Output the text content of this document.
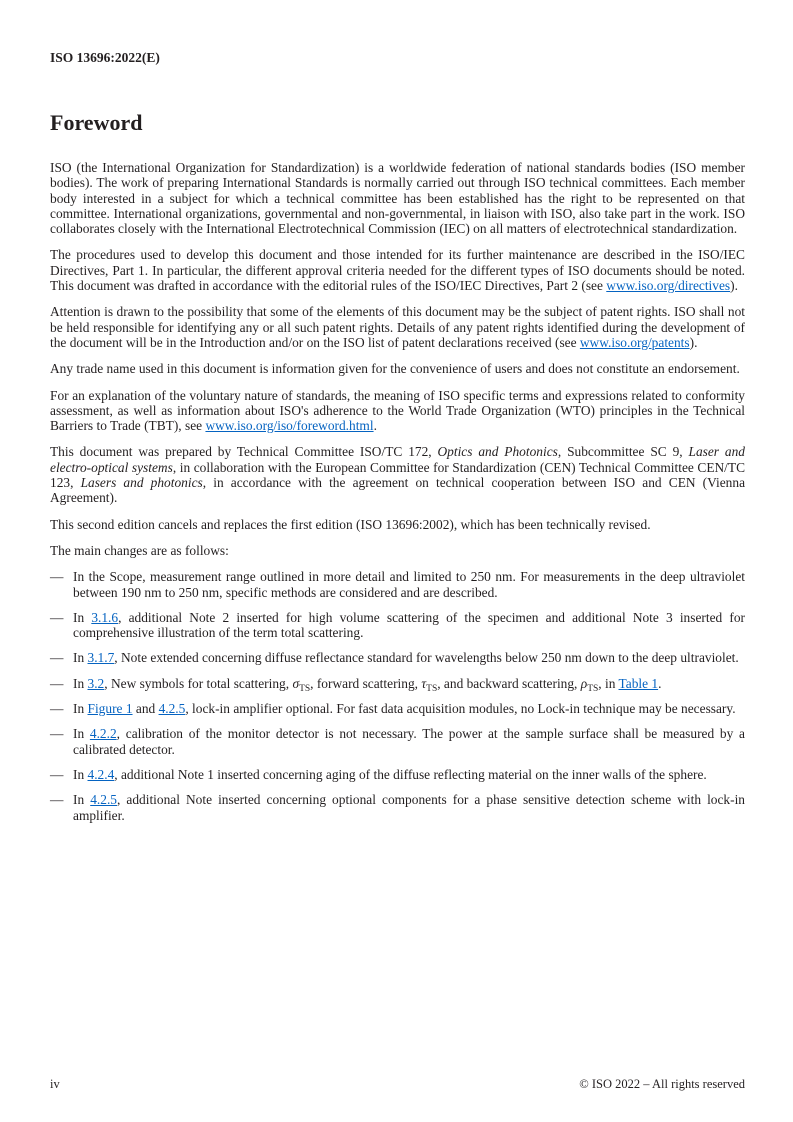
ISO 13696:2022(E)
Foreword

ISO (the International Organization for Standardization) is a worldwide federation of national standards bodies (ISO member bodies). The work of preparing International Standards is normally carried out through ISO technical committees. Each member body interested in a subject for which a technical committee has been established has the right to be represented on that committee. International organizations, governmental and non-governmental, in liaison with ISO, also take part in the work. ISO collaborates closely with the International Electrotechnical Commission (IEC) on all matters of electrotechnical standardization.

The procedures used to develop this document and those intended for its further maintenance are described in the ISO/IEC Directives, Part 1. In particular, the different approval criteria needed for the different types of ISO documents should be noted. This document was drafted in accordance with the editorial rules of the ISO/IEC Directives, Part 2 (see www.iso.org/directives).

Attention is drawn to the possibility that some of the elements of this document may be the subject of patent rights. ISO shall not be held responsible for identifying any or all such patent rights. Details of any patent rights identified during the development of the document will be in the Introduction and/or on the ISO list of patent declarations received (see www.iso.org/patents).

Any trade name used in this document is information given for the convenience of users and does not constitute an endorsement.

For an explanation of the voluntary nature of standards, the meaning of ISO specific terms and expressions related to conformity assessment, as well as information about ISO's adherence to the World Trade Organization (WTO) principles in the Technical Barriers to Trade (TBT), see www.iso.org/iso/foreword.html.

This document was prepared by Technical Committee ISO/TC 172, Optics and Photonics, Subcommittee SC 9, Laser and electro-optical systems, in collaboration with the European Committee for Standardization (CEN) Technical Committee CEN/TC 123, Lasers and photonics, in accordance with the agreement on technical cooperation between ISO and CEN (Vienna Agreement).

This second edition cancels and replaces the first edition (ISO 13696:2002), which has been technically revised.

The main changes are as follows:

— In the Scope, measurement range outlined in more detail and limited to 250 nm. For measurements in the deep ultraviolet between 190 nm to 250 nm, specific methods are considered and are described.
— In 3.1.6, additional Note 2 inserted for high volume scattering of the specimen and additional Note 3 inserted for comprehensive illustration of the term total scattering.
— In 3.1.7, Note extended concerning diffuse reflectance standard for wavelengths below 250 nm down to the deep ultraviolet.
— In 3.2, New symbols for total scattering, $\sigma_{TS}$, forward scattering, $\tau_{TS}$, and backward scattering, $\rho_{TS}$, in Table 1.
— In Figure 1 and 4.2.5, lock-in amplifier optional. For fast data acquisition modules, no Lock-in technique may be necessary.
— In 4.2.2, calibration of the monitor detector is not necessary. The power at the sample surface shall be measured by a calibrated detector.
— In 4.2.4, additional Note 1 inserted concerning aging of the diffuse reflecting material on the inner walls of the sphere.
— In 4.2.5, additional Note inserted concerning optional components for a phase sensitive detection scheme with lock-in amplifier.
iv	© ISO 2022 – All rights reserved
